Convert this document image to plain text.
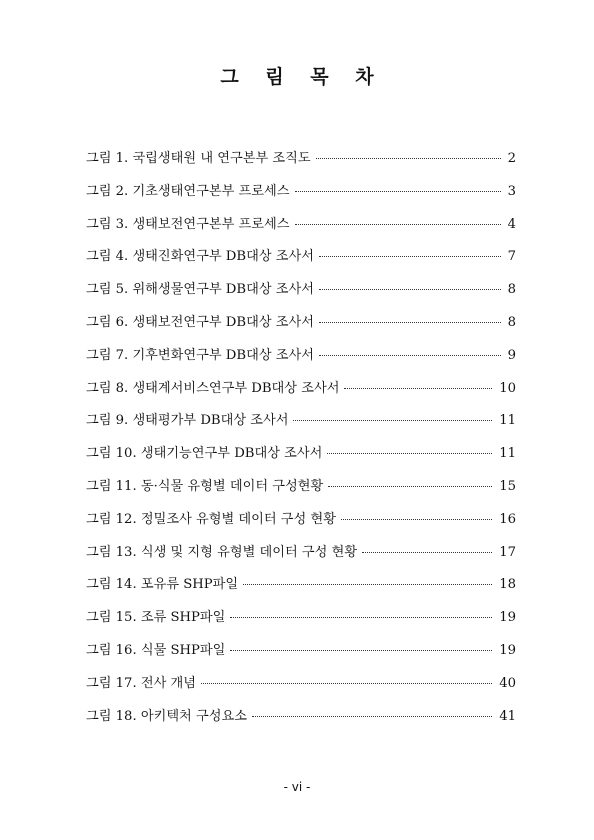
그 림 목 차
그림 1. 국립생태원 내 연구본부 조직도	2
그림 2. 기초생태연구본부 프로세스	3
그림 3. 생태보전연구본부 프로세스	4
그림 4. 생태진화연구부 DB대상 조사서	7
그림 5. 위해생물연구부 DB대상 조사서	8
그림 6. 생태보전연구부 DB대상 조사서	8
그림 7. 기후변화연구부 DB대상 조사서	9
그림 8. 생태계서비스연구부 DB대상 조사서	10
그림 9. 생태평가부 DB대상 조사서	11
그림 10. 생태기능연구부 DB대상 조사서	11
그림 11. 동·식물 유형별 데이터 구성현황	15
그림 12. 정밀조사 유형별 데이터 구성 현황	16
그림 13. 식생 및 지형 유형별 데이터 구성 현황	17
그림 14. 포유류 SHP파일	18
그림 15. 조류 SHP파일	19
그림 16. 식물 SHP파일	19
그림 17. 전사 개념	40
그림 18. 아키텍처 구성요소	41
- vi -
